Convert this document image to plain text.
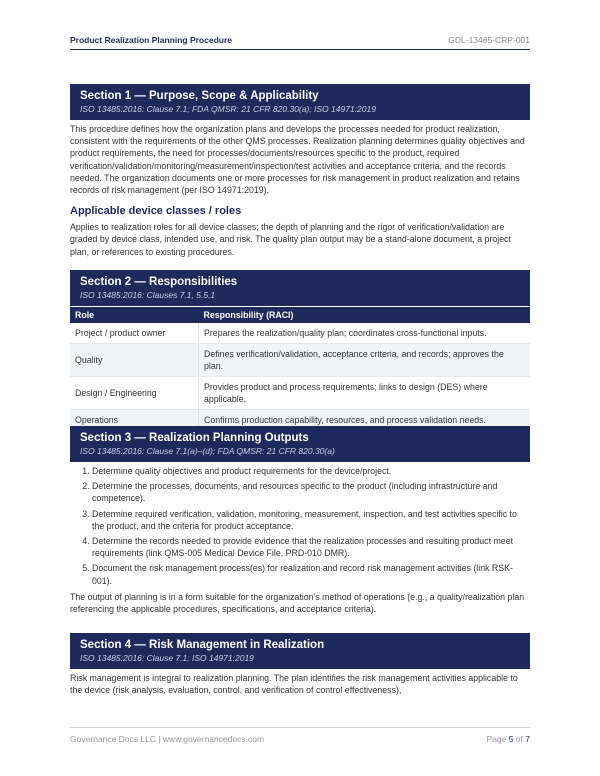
Product Realization Planning Procedure	GDL-13485-CRP-001
Section 1 — Purpose, Scope & Applicability
ISO 13485:2016: Clause 7.1; FDA QMSR: 21 CFR 820.30(a); ISO 14971:2019

This procedure defines how the organization plans and develops the processes needed for product realization, consistent with the requirements of the other QMS processes. Realization planning determines quality objectives and product requirements, the need for processes/documents/resources specific to the product, required verification/validation/monitoring/measurement/inspection/test activities and acceptance criteria, and the records needed. The organization documents one or more processes for risk management in product realization and retains records of risk management (per ISO 14971:2019).

Applicable device classes / roles

Applies to realization roles for all device classes; the depth of planning and the rigor of verification/validation are graded by device class, intended use, and risk. The quality plan output may be a stand-alone document, a project plan, or references to existing procedures.

Section 2 — Responsibilities
ISO 13485:2016: Clauses 7.1, 5.5.1
Role	Responsibility (RACI)
Project / product owner	Prepares the realization/quality plan; coordinates cross-functional inputs.
Quality	Defines verification/validation, acceptance criteria, and records; approves the plan.
Design / Engineering	Provides product and process requirements; links to design (DES) where applicable.
Operations	Confirms production capability, resources, and process validation needs.
Section 3 — Realization Planning Outputs
ISO 13485:2016: Clause 7.1(a)–(d); FDA QMSR: 21 CFR 820.30(a)
1. Determine quality objectives and product requirements for the device/project.
2. Determine the processes, documents, and resources specific to the product (including infrastructure and competence).
3. Determine required verification, validation, monitoring, measurement, inspection, and test activities specific to the product, and the criteria for product acceptance.
4. Determine the records needed to provide evidence that the realization processes and resulting product meet requirements (link QMS-005 Medical Device File, PRD-010 DMR).
5. Document the risk management process(es) for realization and record risk management activities (link RSK-001).

The output of planning is in a form suitable for the organization’s method of operations (e.g., a quality/realization plan referencing the applicable procedures, specifications, and acceptance criteria).

Section 4 — Risk Management in Realization
ISO 13485:2016: Clause 7.1; ISO 14971:2019

Risk management is integral to realization planning. The plan identifies the risk management activities applicable to the device (risk analysis, evaluation, control, and verification of control effectiveness),

Governance Docs LLC | www.governancedocs.com	Page 5 of 7
